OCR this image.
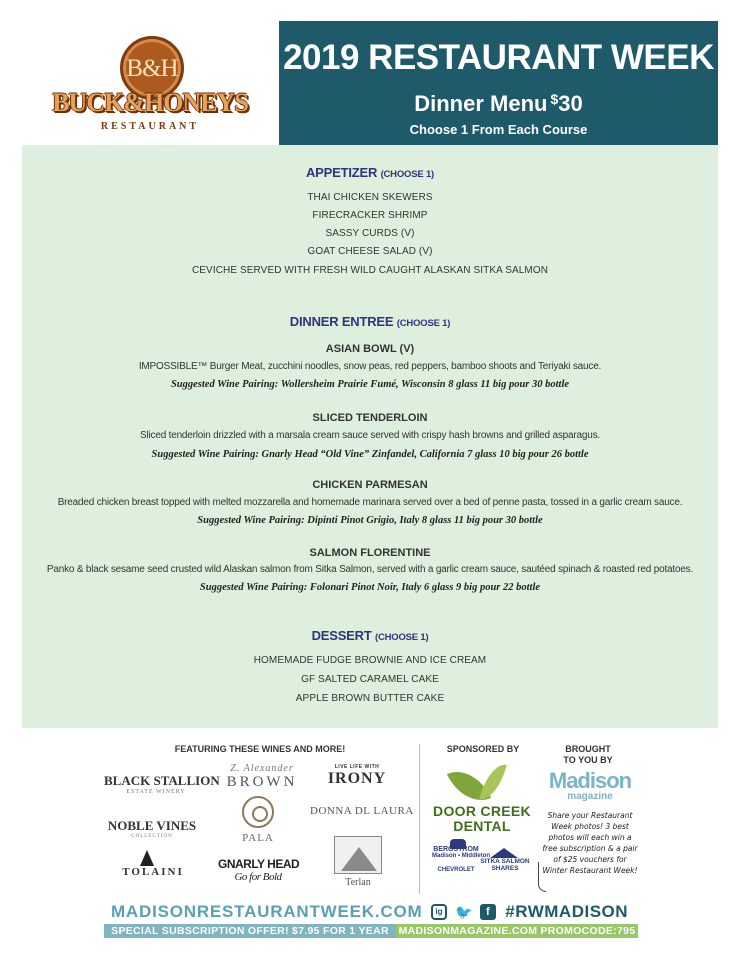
B&H
BUCK&HONEYS
RESTAURANT
2019 RESTAURANT WEEK
Dinner Menu $30
Choose 1 From Each Course
APPETIZER (CHOOSE 1)
THAI CHICKEN SKEWERS
FIRECRACKER SHRIMP
SASSY CURDS (V)
GOAT CHEESE SALAD (V)
CEVICHE SERVED WITH FRESH WILD CAUGHT ALASKAN SITKA SALMON
DINNER ENTREE (CHOOSE 1)
ASIAN BOWL (V)
IMPOSSIBLE™ Burger Meat, zucchini noodles, snow peas, red peppers, bamboo shoots and Teriyaki sauce.
Suggested Wine Pairing: Wollersheim Prairie Fumé, Wisconsin 8 glass 11 big pour 30 bottle
SLICED TENDERLOIN
Sliced tenderloin drizzled with a marsala cream sauce served with crispy hash browns and grilled asparagus.
Suggested Wine Pairing: Gnarly Head “Old Vine” Zinfandel, California 7 glass 10 big pour 26 bottle
CHICKEN PARMESAN
Breaded chicken breast topped with melted mozzarella and homemade marinara served over a bed of penne pasta, tossed in a garlic cream sauce.
Suggested Wine Pairing: Dipinti Pinot Grigio, Italy 8 glass 11 big pour 30 bottle
SALMON FLORENTINE
Panko & black sesame seed crusted wild Alaskan salmon from Sitka Salmon, served with a garlic cream sauce, sautéed spinach & roasted red potatoes.
Suggested Wine Pairing: Folonari Pinot Noir, Italy 6 glass 9 big pour 22 bottle
DESSERT (CHOOSE 1)
HOMEMADE FUDGE BROWNIE AND ICE CREAM
GF SALTED CARAMEL CAKE
APPLE BROWN BUTTER CAKE
FEATURING THESE WINES AND MORE!
BLACK STALLION
ESTATE WINERY
Z. Alexander
BROWN
LIVE LIFE WITH
IRONY
NOBLE VINES
COLLECTION	PALA
DONNA DL LAURA
TOLAINI
GNARLY HEAD
Go for Bold	Terlan
SPONSORED BY
DOOR CREEK
DENTAL
BERGSTROM
Madison • Middleton
CHEVROLET
SITKA SALMON
SHARES
BROUGHT
TO YOU BY
Madison
magazine
Share your Restaurant Week photos! 3 best photos will each win a free subscription & a pair of $25 vouchers for Winter Restaurant Week!
MADISONRESTAURANTWEEK.COM ig 🐦 f #RWMADISON
SPECIAL SUBSCRIPTION OFFER! $7.95 FOR 1 YEAR MADISONMAGAZINE.COM PROMOCODE:795
